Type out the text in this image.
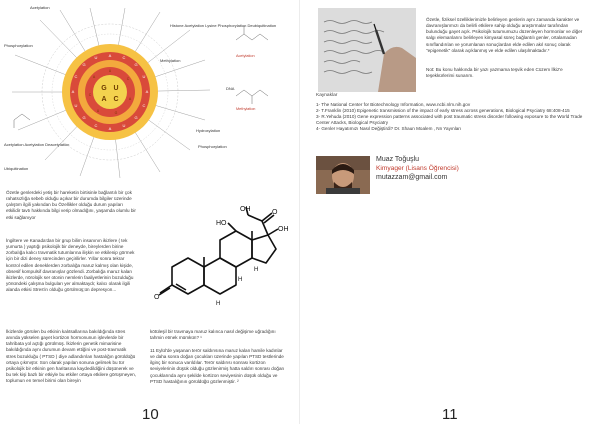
A	C
G
U
A
C
G
U
A
C
G
U
A
C
G
U
U
C
A
G
U
C
A
G U
A C
Acetylation
Phosphorylation
Histone Acetylation Lysine Phosphorylation Deubiquitination
Methylation
DNA
Hydroxylation
Phosphorylation
Acetylation Acetylation Deacetylation
Ubiquitination
Acetylation
Methylation
Özetle genlerdeki yetiş bir hareketin birtisinle bağlantılı bir çok rahatsızlığa sebeb olduğu açıkar bir durumda bilgiler üzerinde çalıştım ilgili yakından bu Özellikler olduğu durum yapıları etkilidir tavtı hakkında bilgi verip olmadığını, yaşamda olumlu bir etki sağlanıyor
İngiltere ve Kanada'dan bir grup bilim insanının ikizlere ( tek yumurta ) yaptığı psikolojik bir deneyde, bireylerden birine zorbalığa kalıcı travmatik tutumlarına ilişkin ve etkilenip görmek için bir dizi deney sürecinden geçirilirler. Yıllar sonra tekrar kontrol edilen deneklerden zorbalığa maruz kalmış olan kişide, obsesif kompulsif davranışlar gözlendi. Zorbalığa maruz kalan ikizlerde, nörolojik ser otonin nemlerin faaliyetlerinin bozulduğu yönündeki çalışma bulguları yer almaktaydı; kalıcı olarak ilgili alanda etkisi Stres'in olduğu görülmüş;ün depresyon...
İkizlerde görülen bu etkinin kalıtsallarına bakıldığında stres anında yükselen gayet kortizon hormonunun işlevlerde bir tahribata yol açtığı görülmüş. İkizlerin genetik mimarisine bakıldığında aynı durumun devam ettiğini ve post-travmatik stres bozukluğu ( PTSD ) diye adlandırılan hastalığın görüldüğü ortaya çıkmıştır. Son olarak yapılan sonuna gelirsek bu tür psikolojik bir etkinin gen haritasına kaydedildiğini düşünerek ve bu tek kişi bazlı bir etkiyle bu etkiler ortaya etkilere görüşmeyen, toplumun en temel birimi olan bireyin
O
HO
O
OH
OH
H
H
H
kötüleşil bir travmaya maruz kalınca nasıl değişime uğradığını tahmin etmek mümkün? ¹
11 Eylül'de yaşanan terör saldırısına maruz kalan hamile kadınlar ve daha sonra doğan çocukları üzerinde yapılan PTSD testlerinde ilginç bir sonuca varıldılar. Terör saldırısı sonrası kortizon seviyelerinin düşük olduğu gözlenirmiş hatta saldırı sonrası doğan çocuklarında aynı şekilde kortizon seviyesinin düşük olduğu ve PTSD hastalığının görüldüğü gözlenmiştir. ²
10
Özetle, fiziksel özelliklerimizle belirleyen genlerin aynı zamanda karakter ve davranışlarımızı da belirli etkilere sahip olduğu araştırmalar tarafından bulunduğu gayet açık. Psikolojik tutumumuzu düzenleyen hormonlar ve diğer salgı elemanlarını belirleyen kimyasal süreç bağlantılı genler, ortalamadan sınıflandırılan ve yorumlanan sonuçlardan elde edilen akıl sonuç olarak "epigenetik" olarak açıklanmış ve elde edilen ulaşılmaktadır.*
Not: Bu konu hakkında bir yazı yazmama teşvik eden Cüzem İlkiz'e teşekkürlerimi sunarım.
Kaynaklar
1- The National Center for Biotechnology Information, www.ncbi.nlm.nih.gov
2- T.Franklin (2010) Epigenetic transmission of the impact of early stress across generations, Biological Psyciatry 68:408-415
3- R.Yehuda (2010) Gene expression patterns associated with post traumatic stress disorder following exposure to the World Trade Center Attacks, Biological Psyciatry
4- Genler Hayatımızı Nasıl Değiştirdi? Dr. Shaun Moalem , Nn Yayınları
Muaz Toğuşlu
Kimyager (Lisans Öğrencisi)
mutazzam@gmail.com
11
